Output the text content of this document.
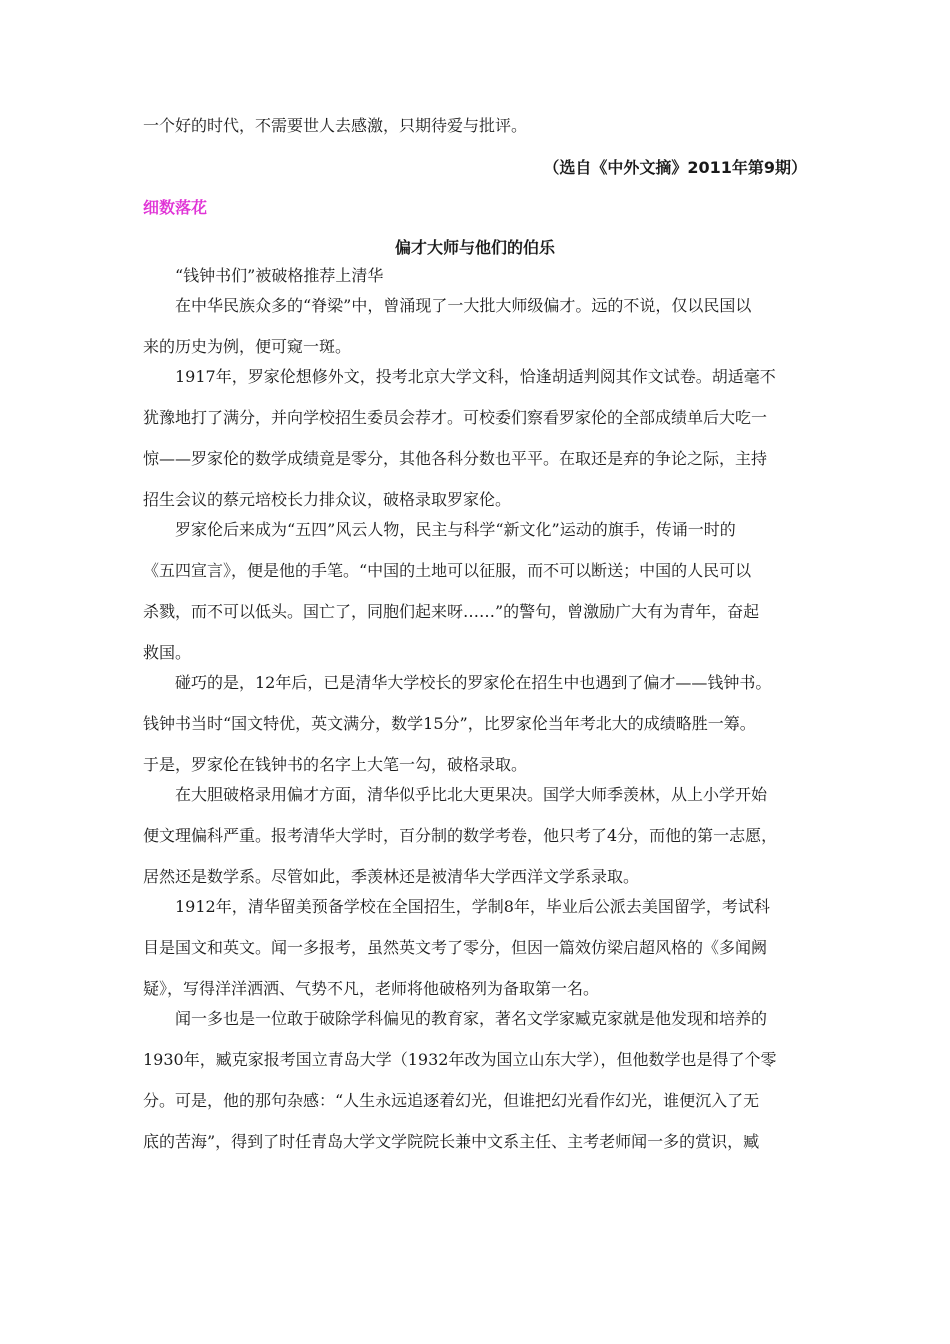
一个好的时代，不需要世人去感激，只期待爱与批评。

（选自《中外文摘》2011年第9期）

细数落花

偏才大师与他们的伯乐

“钱钟书们”被破格推荐上清华

在中华民族众多的“脊梁”中，曾涌现了一大批大师级偏才。远的不说，仅以民国以

来的历史为例，便可窥一斑。

1917年，罗家伦想修外文，投考北京大学文科，恰逢胡适判阅其作文试卷。胡适毫不

犹豫地打了满分，并向学校招生委员会荐才。可校委们察看罗家伦的全部成绩单后大吃一

惊——罗家伦的数学成绩竟是零分，其他各科分数也平平。在取还是弃的争论之际，主持

招生会议的蔡元培校长力排众议，破格录取罗家伦。

罗家伦后来成为“五四”风云人物，民主与科学“新文化”运动的旗手，传诵一时的

《五四宣言》，便是他的手笔。“中国的土地可以征服，而不可以断送；中国的人民可以

杀戮，而不可以低头。国亡了，同胞们起来呀……”的警句，曾激励广大有为青年，奋起

救国。

碰巧的是，12年后，已是清华大学校长的罗家伦在招生中也遇到了偏才——钱钟书。

钱钟书当时“国文特优，英文满分，数学15分”，比罗家伦当年考北大的成绩略胜一筹。

于是，罗家伦在钱钟书的名字上大笔一勾，破格录取。

在大胆破格录用偏才方面，清华似乎比北大更果决。国学大师季羡林，从上小学开始

便文理偏科严重。报考清华大学时，百分制的数学考卷，他只考了4分，而他的第一志愿，

居然还是数学系。尽管如此，季羡林还是被清华大学西洋文学系录取。

1912年，清华留美预备学校在全国招生，学制8年，毕业后公派去美国留学，考试科

目是国文和英文。闻一多报考，虽然英文考了零分，但因一篇效仿梁启超风格的《多闻阙

疑》，写得洋洋洒洒、气势不凡，老师将他破格列为备取第一名。

闻一多也是一位敢于破除学科偏见的教育家，著名文学家臧克家就是他发现和培养的

1930年，臧克家报考国立青岛大学（1932年改为国立山东大学），但他数学也是得了个零

分。可是，他的那句杂感：“人生永远追逐着幻光，但谁把幻光看作幻光，谁便沉入了无

底的苦海”，得到了时任青岛大学文学院院长兼中文系主任、主考老师闻一多的赏识，臧
